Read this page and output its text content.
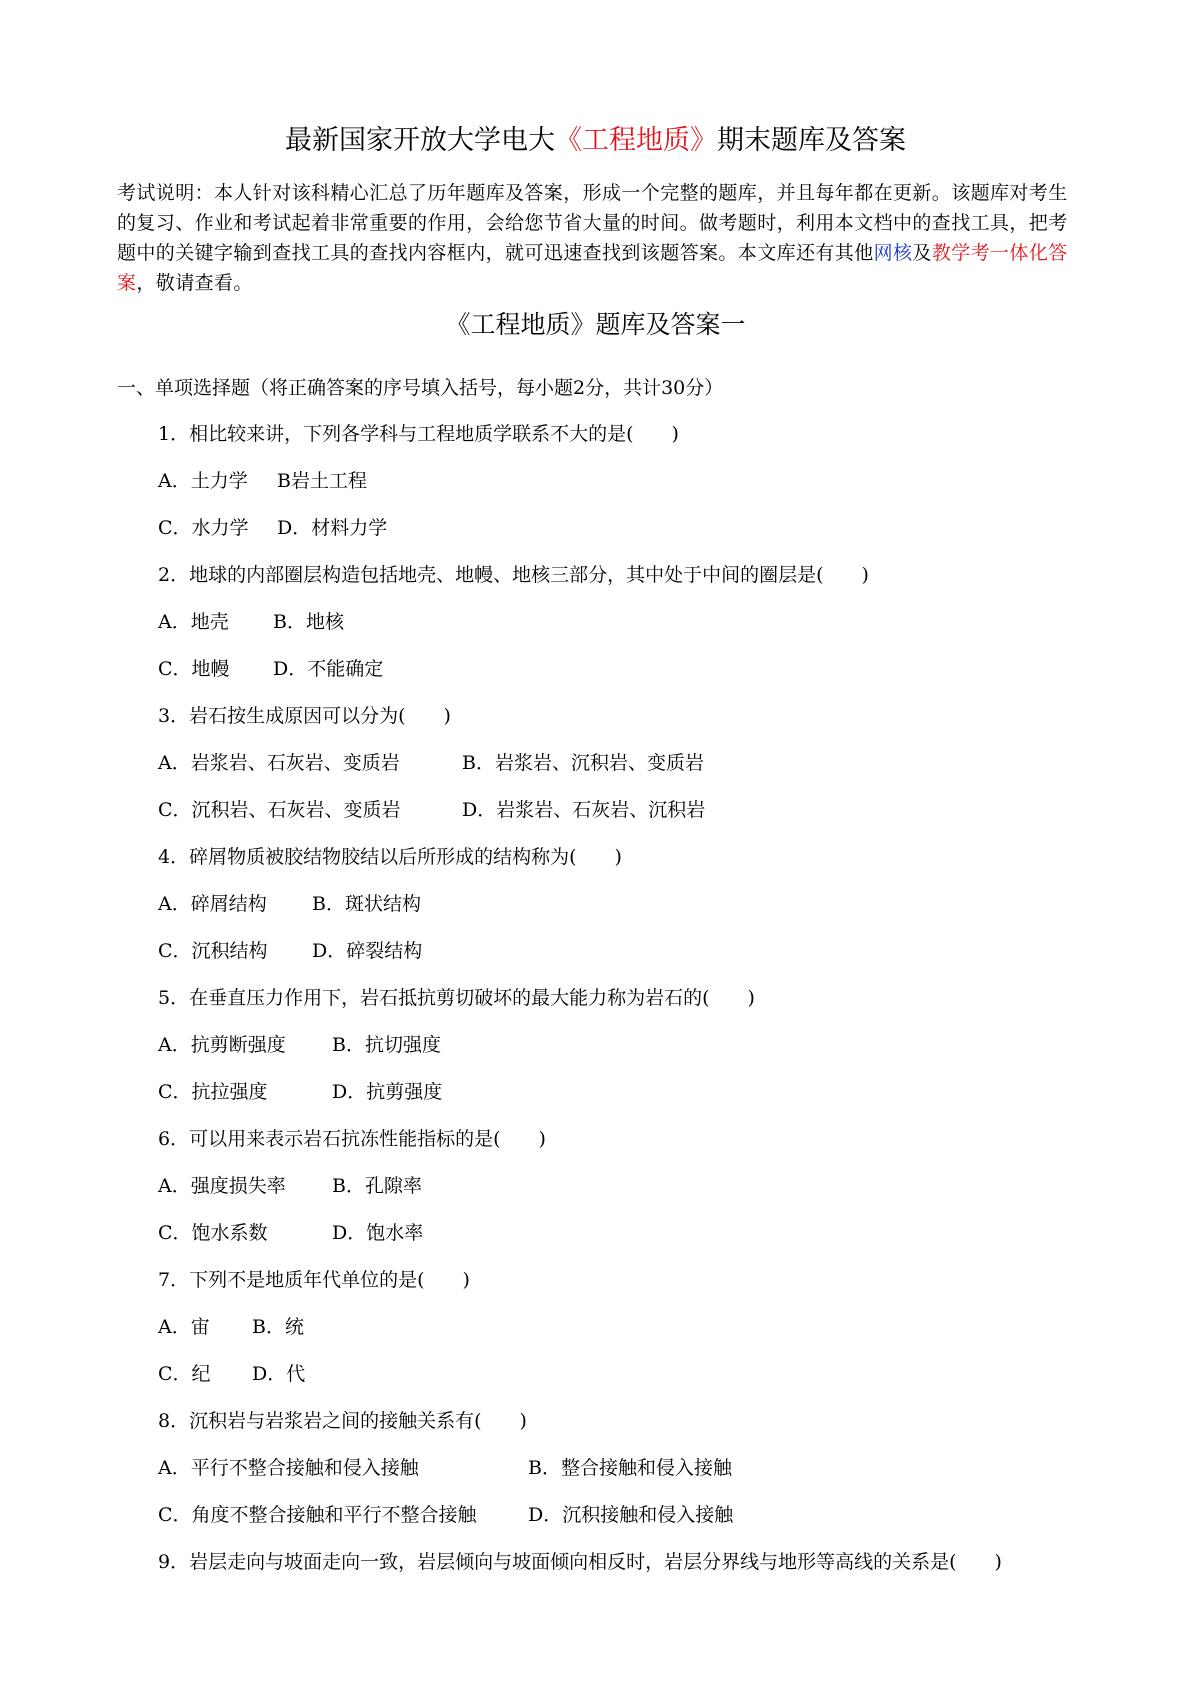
最新国家开放大学电大《工程地质》期末题库及答案
考试说明：本人针对该科精心汇总了历年题库及答案，形成一个完整的题库，并且每年都在更新。该题库对考生的复习、作业和考试起着非常重要的作用，会给您节省大量的时间。做考题时，利用本文档中的查找工具，把考题中的关键字输到查找工具的查找内容框内，就可迅速查找到该题答案。本文库还有其他网核及教学考一体化答案，敬请查看。
《工程地质》题库及答案一
一、单项选择题（将正确答案的序号填入括号，每小题2分，共计30分）
1．相比较来讲，下列各学科与工程地质学联系不大的是(　　)
A．土力学 B岩土工程
C．水力学 D．材料力学
2．地球的内部圈层构造包括地壳、地幔、地核三部分，其中处于中间的圈层是(　　)
A．地壳 B．地核
C．地幔 D．不能确定
3．岩石按生成原因可以分为(　　)
A．岩浆岩、石灰岩、变质岩	B．岩浆岩、沉积岩、变质岩
C．沉积岩、石灰岩、变质岩	D．岩浆岩、石灰岩、沉积岩
4．碎屑物质被胶结物胶结以后所形成的结构称为(　　)
A．碎屑结构 B．斑状结构
C．沉积结构 D．碎裂结构
5．在垂直压力作用下，岩石抵抗剪切破坏的最大能力称为岩石的(　　)
A．抗剪断强度 B．抗切强度
C．抗拉强度	D．抗剪强度
6．可以用来表示岩石抗冻性能指标的是(　　)
A．强度损失率 B．孔隙率
C．饱水系数	D．饱水率
7．下列不是地质年代单位的是(　　)
A．宙 B．统
C．纪 D．代
8．沉积岩与岩浆岩之间的接触关系有(　　)
A．平行不整合接触和侵入接触	B．整合接触和侵入接触
C．角度不整合接触和平行不整合接触	D．沉积接触和侵入接触
9．岩层走向与坡面走向一致，岩层倾向与坡面倾向相反时，岩层分界线与地形等高线的关系是(　　)
